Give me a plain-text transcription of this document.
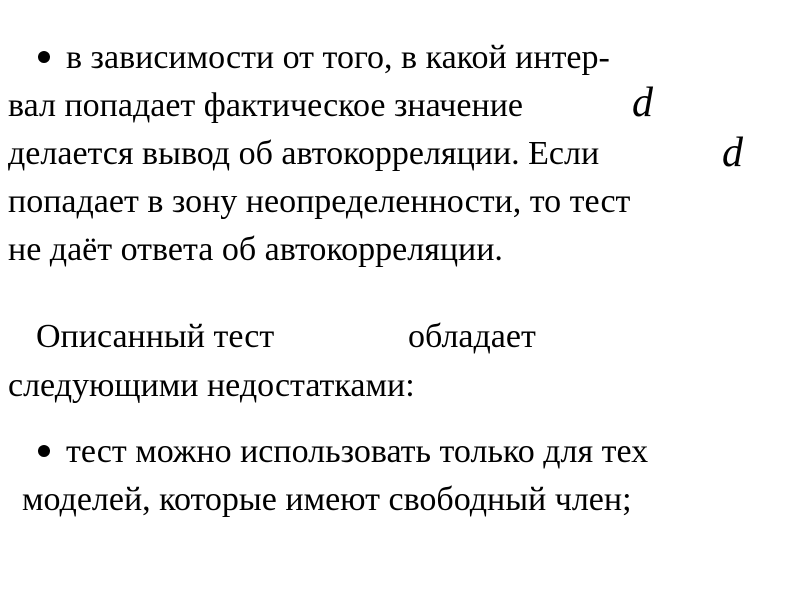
в зависимости от того, в какой интер-
вал попадает фактическое значение	d
делается вывод об автокорреляции. Если	d
попадает в зону неопределенности, то тест
не даёт ответа об автокорреляции.
Описанный тест	обладает
следующими недостатками:
тест можно использовать только для тех
моделей, которые имеют свободный член;
